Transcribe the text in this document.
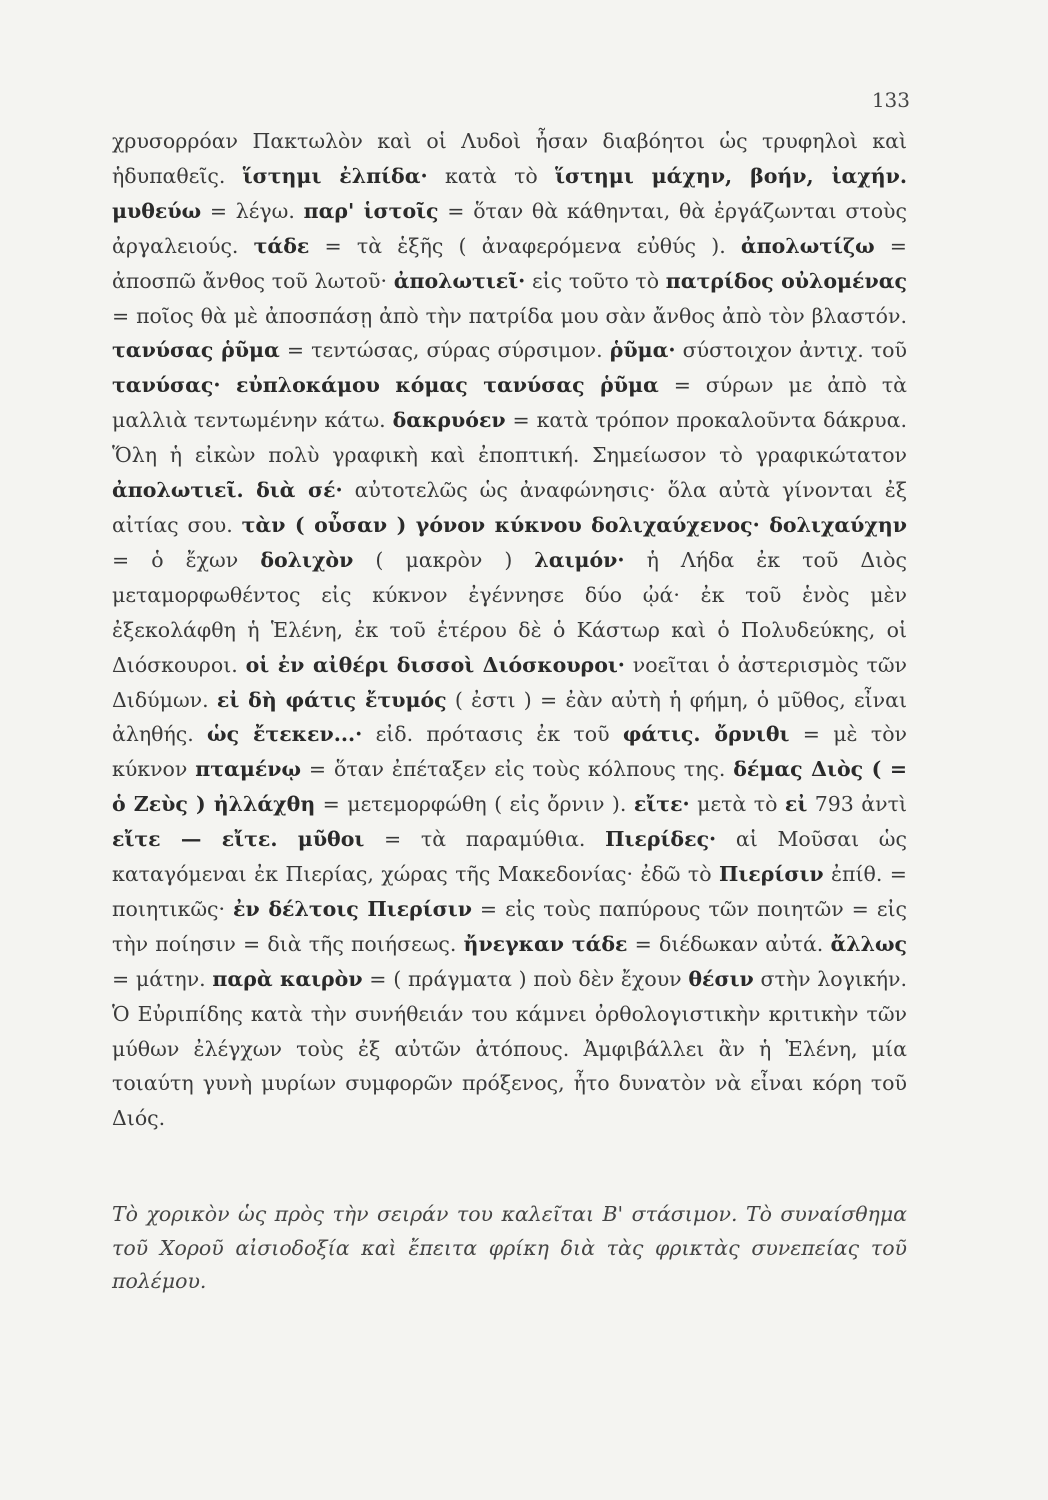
133
χρυσορρόαν Πακτωλὸν καὶ οἱ Λυδοὶ ἦσαν διαβόητοι ὡς τρυφηλοὶ καὶ ἡδυπαθεῖς. ἵστημι ἐλπίδα· κατὰ τὸ ἵστημι μάχην, βοήν, ἰαχήν. μυθεύω = λέγω. παρ' ἱστοῖς = ὅταν θὰ κάθηνται, θὰ ἐργάζωνται στοὺς ἀργαλειούς. τάδε = τὰ ἑξῆς ( ἀναφερόμενα εὐθύς ). ἀπολωτίζω = ἀποσπῶ ἄνθος τοῦ λωτοῦ· ἀπολωτιεῖ· εἰς τοῦτο τὸ πατρίδος οὐλομένας = ποῖος θὰ μὲ ἀποσπάσῃ ἀπὸ τὴν πατρίδα μου σὰν ἄνθος ἀπὸ τὸν βλαστόν. τανύσας ῥῦμα = τεντώσας, σύρας σύρσιμον. ῥῦμα· σύστοιχον ἀντιχ. τοῦ τανύσας· εὐπλοκάμου κόμας τανύσας ῥῦμα = σύρων με ἀπὸ τὰ μαλλιὰ τεντωμένην κάτω. δακρυόεν = κατὰ τρόπον προκαλοῦντα δάκρυα. Ὅλη ἡ εἰκὼν πολὺ γραφικὴ καὶ ἐποπτική. Σημείωσον τὸ γραφικώτατον ἀπολωτιεῖ. διὰ σέ· αὐτοτελῶς ὡς ἀναφώνησις· ὅλα αὐτὰ γίνονται ἐξ αἰτίας σου. τὰν ( οὖσαν ) γόνον κύκνου δολιχαύχενος· δολιχαύχην = ὁ ἔχων δολιχὸν ( μακρὸν ) λαιμόν· ἡ Λήδα ἐκ τοῦ Διὸς μεταμορφωθέντος εἰς κύκνον ἐγέννησε δύο ᾠά· ἐκ τοῦ ἑνὸς μὲν ἐξεκολάφθη ἡ Ἑλένη, ἐκ τοῦ ἑτέρου δὲ ὁ Κάστωρ καὶ ὁ Πολυδεύκης, οἱ Διόσκουροι. οἱ ἐν αἰθέρι δισσοὶ Διόσκουροι· νοεῖται ὁ ἀστερισμὸς τῶν Διδύμων. εἰ δὴ φάτις ἔτυμός ( ἐστι ) = ἐὰν αὐτὴ ἡ φήμη, ὁ μῦθος, εἶναι ἀληθής. ὡς ἔτεκεν...· εἰδ. πρότασις ἐκ τοῦ φάτις. ὄρνιθι = μὲ τὸν κύκνον πταμένῳ = ὅταν ἐπέταξεν εἰς τοὺς κόλπους της. δέμας Διὸς ( = ὁ Ζεὺς ) ἠλλάχθη = μετεμορφώθη ( εἰς ὄρνιν ). εἴτε· μετὰ τὸ εἰ 793 ἀντὶ εἴτε — εἴτε. μῦθοι = τὰ παραμύθια. Πιερίδες· αἱ Μοῦσαι ὡς καταγόμεναι ἐκ Πιερίας, χώρας τῆς Μακεδονίας· ἐδῶ τὸ Πιερίσιν ἐπίθ. = ποιητικῶς· ἐν δέλτοις Πιερίσιν = εἰς τοὺς παπύρους τῶν ποιητῶν = εἰς τὴν ποίησιν = διὰ τῆς ποιήσεως. ἤνεγκαν τάδε = διέδωκαν αὐτά. ἄλλως = μάτην. παρὰ καιρὸν = ( πράγματα ) ποὺ δὲν ἔχουν θέσιν στὴν λογικήν. Ὁ Εὐριπίδης κατὰ τὴν συνήθειάν του κάμνει ὀρθολογιστικὴν κριτικὴν τῶν μύθων ἐλέγχων τοὺς ἐξ αὐτῶν ἀτόπους. Ἀμφιβάλλει ἂν ἡ Ἑλένη, μία τοιαύτη γυνὴ μυρίων συμφορῶν πρόξενος, ἦτο δυνατὸν νὰ εἶναι κόρη τοῦ Διός.
Τὸ χορικὸν ὡς πρὸς τὴν σειράν του καλεῖται Β' στάσιμον. Τὸ συναίσθημα τοῦ Χοροῦ αἰσιοδοξία καὶ ἔπειτα φρίκη διὰ τὰς φρικτὰς συνεπείας τοῦ πολέμου.
